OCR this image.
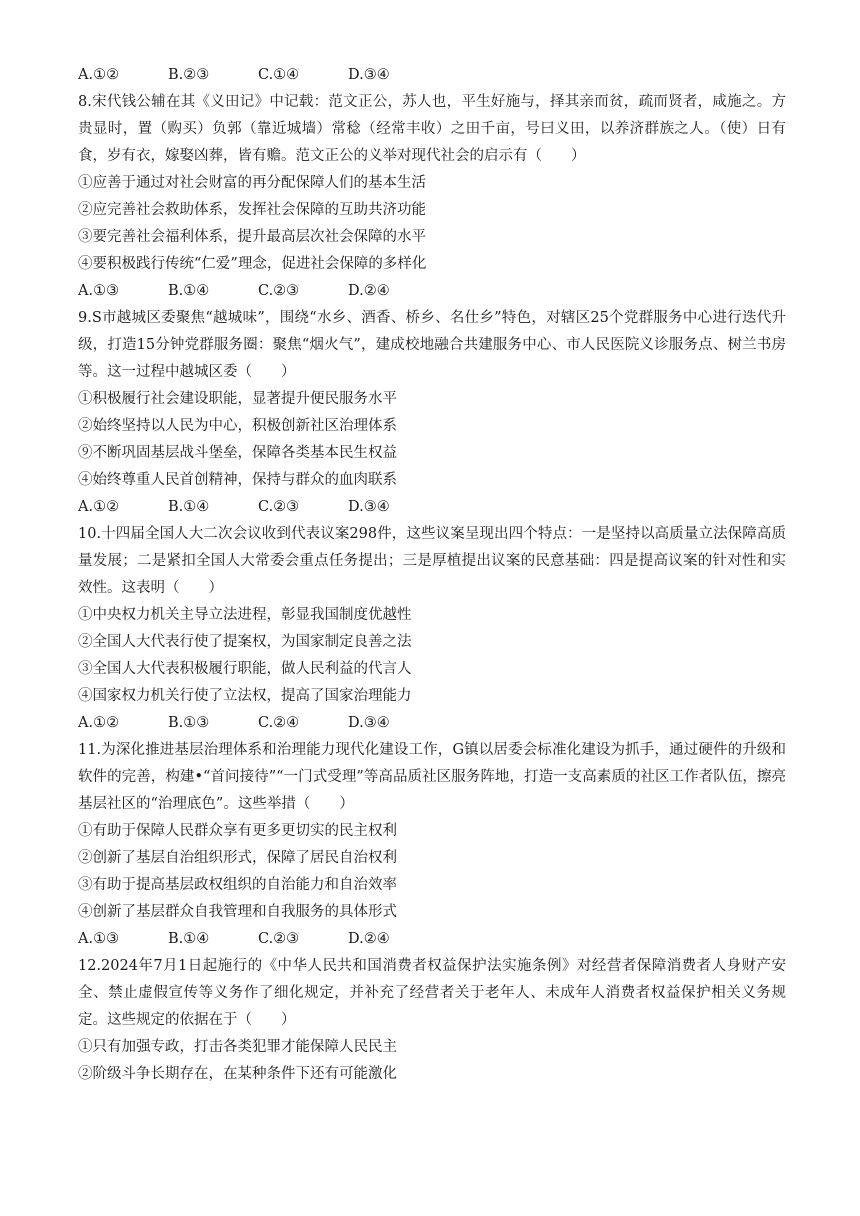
A.①②	B.②③	C.①④	D.③④
8.宋代钱公辅在其《义田记》中记载：范文正公，苏人也，平生好施与，择其亲而贫，疏而贤者，咸施之。方贵显时，置（购买）负郭（靠近城墙）常稔（经常丰收）之田千亩，号曰义田，以养济群族之人。（使）日有食，岁有衣，嫁娶凶葬，皆有赡。范文正公的义举对现代社会的启示有（　　）
①应善于通过对社会财富的再分配保障人们的基本生活
②应完善社会救助体系，发挥社会保障的互助共济功能
③要完善社会福利体系，提升最高层次社会保障的水平
④要积极践行传统“仁爱”理念，促进社会保障的多样化
A.①③	B.①④	C.②③	D.②④
9.S市越城区委聚焦“越城味”，围绕“水乡、酒香、桥乡、名仕乡”特色，对辖区25个党群服务中心进行迭代升级，打造15分钟党群服务圈：聚焦“烟火气”，建成校地融合共建服务中心、市人民医院义诊服务点、树兰书房等。这一过程中越城区委（　　）
①积极履行社会建设职能，显著提升便民服务水平
②始终坚持以人民为中心，积极创新社区治理体系
⑨不断巩固基层战斗堡垒，保障各类基本民生权益
④始终尊重人民首创精神，保持与群众的血肉联系
A.①②	B.①④	C.②③	D.③④
10.十四届全国人大二次会议收到代表议案298件，这些议案呈现出四个特点：一是坚持以高质量立法保障高质量发展；二是紧扣全国人大常委会重点任务提出；三是厚植提出议案的民意基础：四是提高议案的针对性和实效性。这表明（　　）
①中央权力机关主导立法进程，彰显我国制度优越性
②全国人大代表行使了提案权，为国家制定良善之法
③全国人大代表积极履行职能，做人民利益的代言人
④国家权力机关行使了立法权，提高了国家治理能力
A.①②	B.①③	C.②④	D.③④
11.为深化推进基层治理体系和治理能力现代化建设工作，G镇以居委会标准化建设为抓手，通过硬件的升级和软件的完善，构建•“首问接待”“一门式受理”等高品质社区服务阵地，打造一支高素质的社区工作者队伍，擦亮基层社区的“治理底色”。这些举措（　　）
①有助于保障人民群众享有更多更切实的民主权利
②创新了基层自治组织形式，保障了居民自治权利
③有助于提高基层政权组织的自治能力和自治效率
④创新了基层群众自我管理和自我服务的具体形式
A.①③	B.①④	C.②③	D.②④
12.2024年7月1日起施行的《中华人民共和国消费者权益保护法实施条例》对经营者保障消费者人身财产安全、禁止虚假宣传等义务作了细化规定，并补充了经营者关于老年人、未成年人消费者权益保护相关义务规定。这些规定的依据在于（　　）
①只有加强专政，打击各类犯罪才能保障人民民主
②阶级斗争长期存在，在某种条件下还有可能激化
